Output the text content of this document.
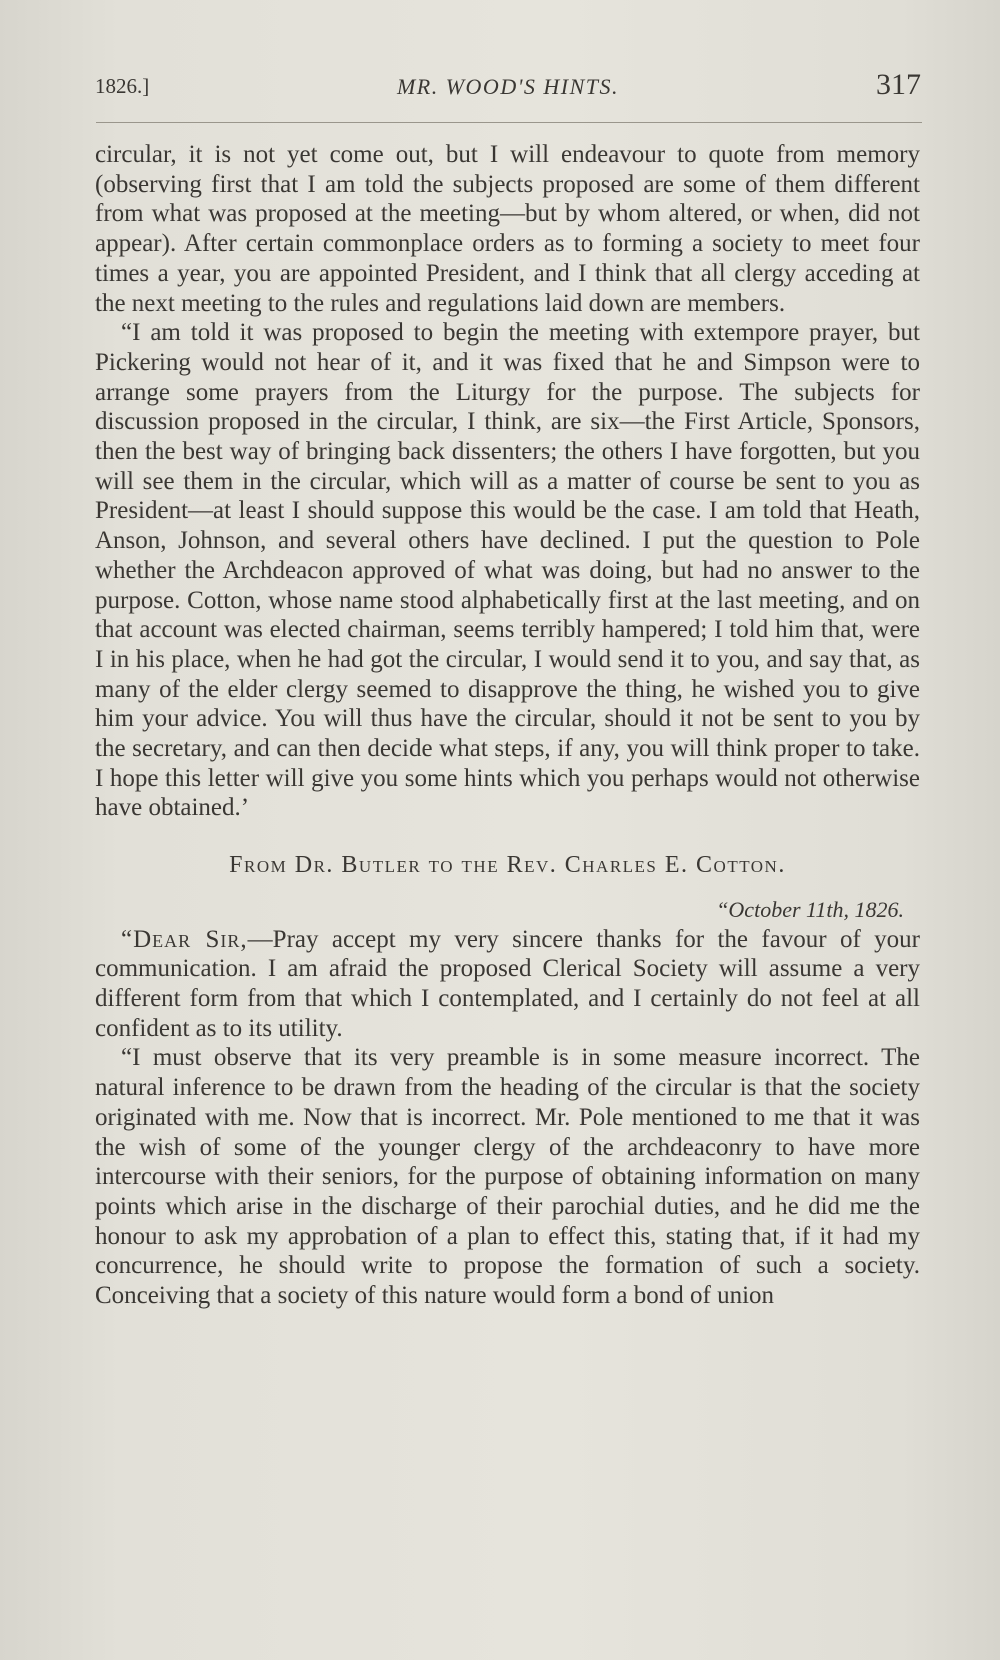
1826.]	MR. WOOD'S HINTS.	317

circular, it is not yet come out, but I will endeavour to quote from memory (observing first that I am told the subjects proposed are some of them different from what was proposed at the meeting—but by whom altered, or when, did not appear). After certain commonplace orders as to forming a society to meet four times a year, you are appointed President, and I think that all clergy acceding at the next meeting to the rules and regulations laid down are members.

“I am told it was proposed to begin the meeting with extempore prayer, but Pickering would not hear of it, and it was fixed that he and Simpson were to arrange some prayers from the Liturgy for the purpose. The subjects for discussion proposed in the circular, I think, are six—the First Article, Sponsors, then the best way of bringing back dissenters; the others I have forgotten, but you will see them in the circular, which will as a matter of course be sent to you as President—at least I should suppose this would be the case. I am told that Heath, Anson, Johnson, and several others have declined. I put the question to Pole whether the Archdeacon approved of what was doing, but had no answer to the purpose. Cotton, whose name stood alphabetically first at the last meeting, and on that account was elected chairman, seems terribly hampered; I told him that, were I in his place, when he had got the circular, I would send it to you, and say that, as many of the elder clergy seemed to disapprove the thing, he wished you to give him your advice. You will thus have the circular, should it not be sent to you by the secretary, and can then decide what steps, if any, you will think proper to take. I hope this letter will give you some hints which you perhaps would not otherwise have obtained.’

From Dr. Butler to the Rev. Charles E. Cotton.
“October 11th, 1826.

“Dear Sir,—Pray accept my very sincere thanks for the favour of your communication. I am afraid the proposed Clerical Society will assume a very different form from that which I contemplated, and I certainly do not feel at all confident as to its utility.

“I must observe that its very preamble is in some measure incorrect. The natural inference to be drawn from the heading of the circular is that the society originated with me. Now that is incorrect. Mr. Pole mentioned to me that it was the wish of some of the younger clergy of the archdeaconry to have more intercourse with their seniors, for the purpose of obtaining information on many points which arise in the discharge of their parochial duties, and he did me the honour to ask my approbation of a plan to effect this, stating that, if it had my concurrence, he should write to propose the formation of such a society. Conceiving that a society of this nature would form a bond of union
